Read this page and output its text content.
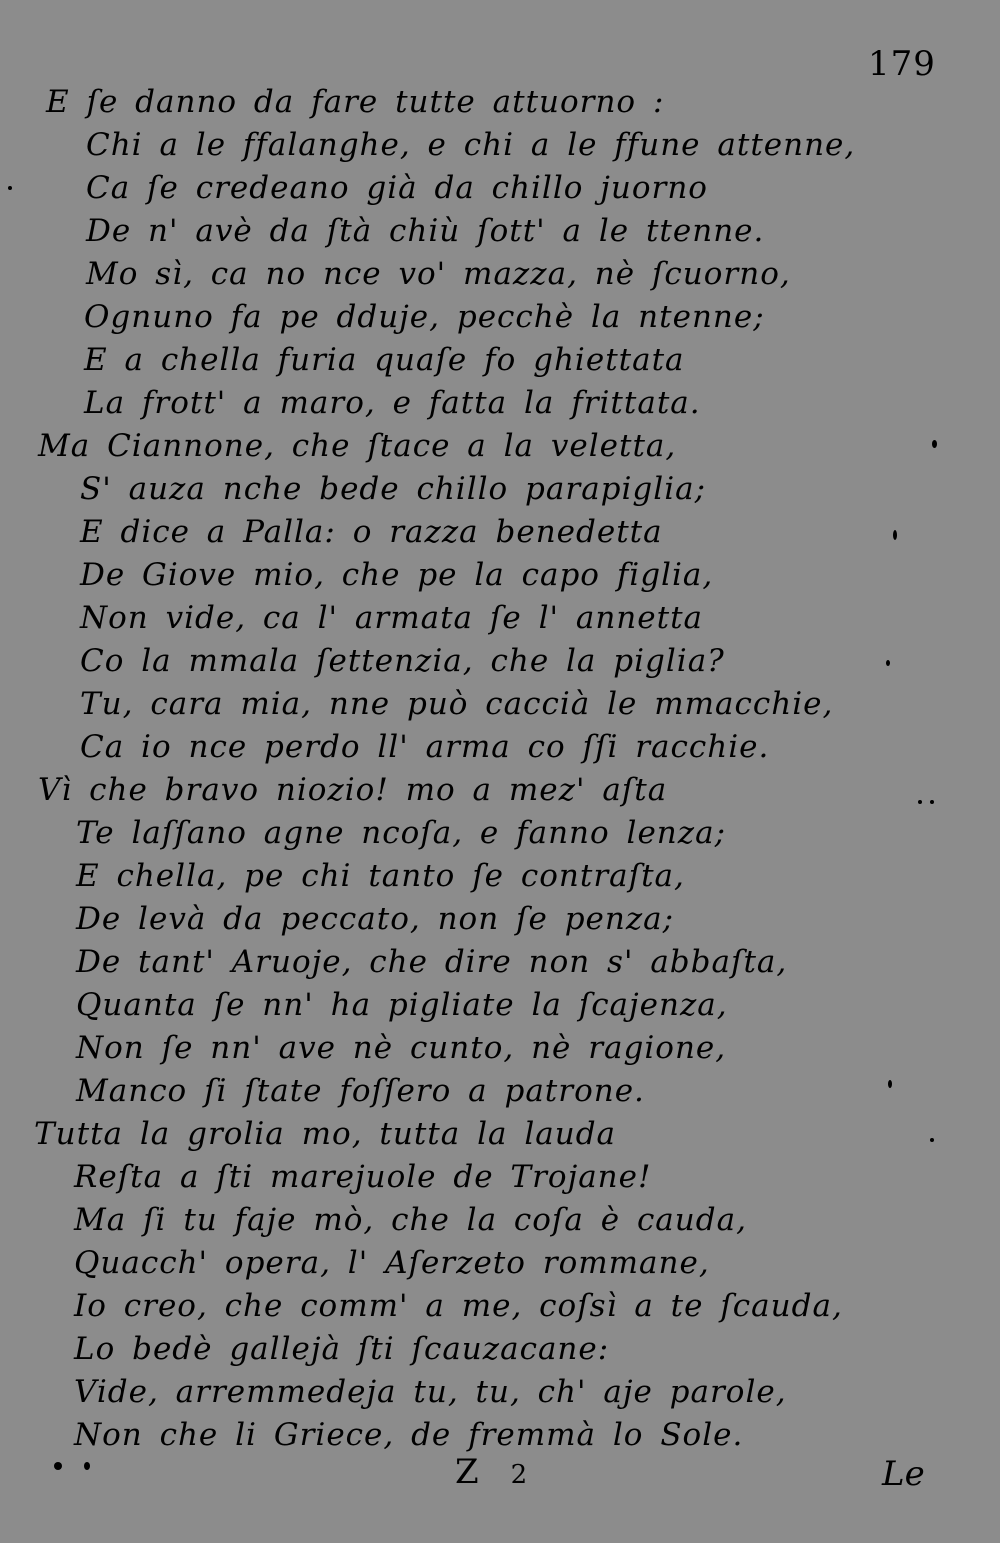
179
E ſe danno da fare tutte attuorno :
Chi a le ffalanghe, e chi a le ffune attenne,
Ca ſe credeano già da chillo juorno
De n' avè da ſtà chiù ſott' a le ttenne.
Mo sì, ca no nce vo' mazza, nè ſcuorno,
Ognuno fa pe dduje, pecchè la ntenne;
E a chella furia quaſe fo ghiettata
La frott' a maro, e fatta la frittata.
Ma Ciannone, che ſtace a la veletta,
S' auza nche bede chillo parapiglia;
E dice a Palla: o razza benedetta
De Giove mio, che pe la capo figlia,
Non vide, ca l' armata ſe l' annetta
Co la mmala ſettenzia, che la piglia?
Tu, cara mia, nne può caccià le mmacchie,
Ca io nce perdo ll' arma co ſſi racchie.
Vì che bravo niozio! mo a mez' aſta
Te laſſano agne ncoſa, e fanno lenza;
E chella, pe chi tanto ſe contraſta,
De levà da peccato, non ſe penza;
De tant' Aruoje, che dire non s' abbaſta,
Quanta ſe nn' ha pigliate la ſcajenza,
Non ſe nn' ave nè cunto, nè ragione,
Manco ſi ſtate foſſero a patrone.
Tutta la grolia mo, tutta la lauda
Reſta a ſti marejuole de Trojane!
Ma ſi tu faje mò, che la coſa è cauda,
Quacch' opera, l' Aſerzeto rommane,
Io creo, che comm' a me, coſsì a te ſcauda,
Lo bedè gallejà ſti ſcauzacane:
Vide, arremmedeja tu, tu, ch' aje parole,
Non che li Griece, de fremmà lo Sole.
Z 2	Le
